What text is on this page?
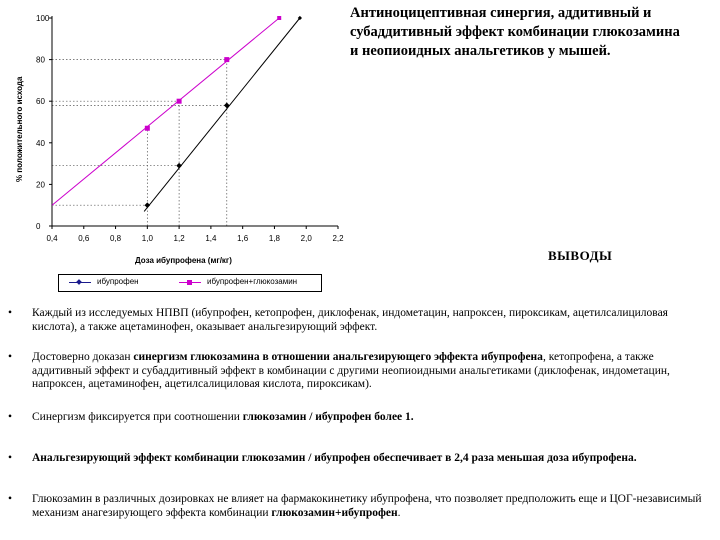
0
20
40
60
80
100
0,4	0,6	0,8	1,0	1,2	1,4	1,6	1,8	2,0	2,2
% положительного исхода
Доза ибупрофена (мг/кг)
Антиноцицептивная синергия, аддитивный и субаддитивный эффект комбинации глюкозамина и неопиоидных анальгетиков у мышей.
ВЫВОДЫ
ибупрофен	ибупрофен+глюкозамин
• Каждый из исследуемых НПВП (ибупрофен, кетопрофен, диклофенак, индометацин, напроксен, пироксикам, ацетилсалициловая кислота), а также ацетаминофен, оказывает анальгезирующий эффект.
• Достоверно доказан синергизм глюкозамина в отношении анальгезирующего эффекта ибупрофена, кетопрофена, а также аддитивный эффект и субаддитивный эффект в комбинации с другими неопиоидными анальгетиками (диклофенак, индометацин, напроксен, ацетаминофен, ацетилсалициловая кислота, пироксикам).
• Синергизм фиксируется при соотношении глюкозамин / ибупрофен более 1.
• Анальгезирующий эффект комбинации глюкозамин / ибупрофен обеспечивает в 2,4 раза меньшая доза ибупрофена.
• Глюкозамин в различных дозировках не влияет на фармакокинетику ибупрофена, что позволяет предположить еще и ЦОГ-независимый механизм анагезирующего эффекта комбинации глюкозамин+ибупрофен.
